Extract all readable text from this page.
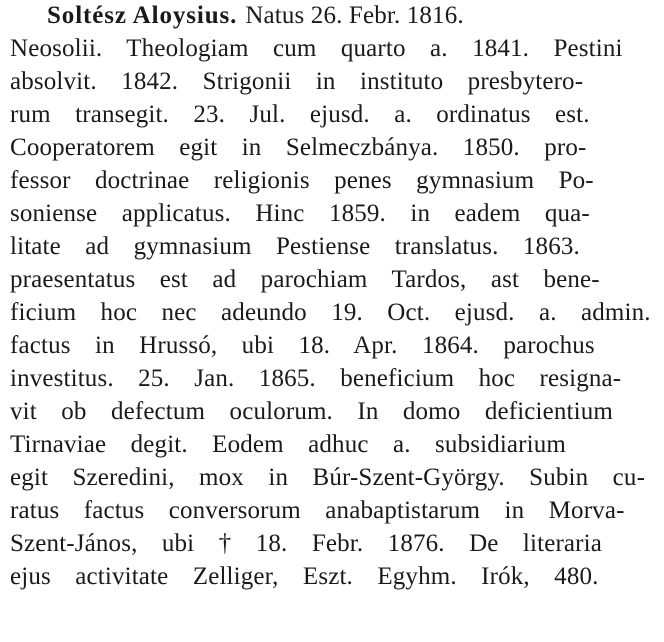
Soltész Aloysius. Natus 26. Febr. 1816.
Neosolii. Theologiam cum quarto a. 1841. Pestini
absolvit. 1842. Strigonii in instituto presbytero-
rum transegit. 23. Jul. ejusd. a. ordinatus est.
Cooperatorem egit in Selmeczbánya. 1850. pro-
fessor doctrinae religionis penes gymnasium Po-
soniense applicatus. Hinc 1859. in eadem qua-
litate ad gymnasium Pestiense translatus. 1863.
praesentatus est ad parochiam Tardos, ast bene-
ficium hoc nec adeundo 19. Oct. ejusd. a. admin.
factus in Hrussó, ubi 18. Apr. 1864. parochus
investitus. 25. Jan. 1865. beneficium hoc resigna-
vit ob defectum oculorum. In domo deficientium
Tirnaviae degit. Eodem adhuc a. subsidiarium
egit Szeredini, mox in Búr-Szent-György. Subin cu-
ratus factus conversorum anabaptistarum in Morva-
Szent-János, ubi † 18. Febr. 1876. De literaria
ejus activitate Zelliger, Eszt. Egyhm. Irók, 480.
